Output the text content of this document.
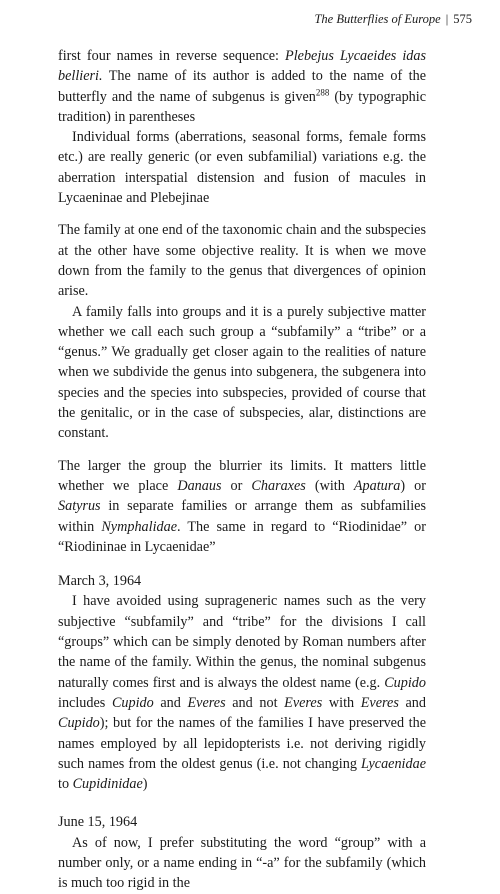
The Butterflies of Europe | 575

first four names in reverse sequence: Plebejus Lycaeides idas bellieri. The name of its author is added to the name of the butterfly and the name of subgenus is given$^{288}$ (by typographic tradition) in parentheses

Individual forms (aberrations, seasonal forms, female forms etc.) are really generic (or even subfamilial) variations e.g. the aberration interspatial distension and fusion of macules in Lycaeninae and Plebejinae

The family at one end of the taxonomic chain and the subspecies at the other have some objective reality. It is when we move down from the family to the genus that divergences of opinion arise.

A family falls into groups and it is a purely subjective matter whether we call each such group a “subfamily” a “tribe” or a “genus.” We gradually get closer again to the realities of nature when we subdivide the genus into subgenera, the subgenera into species and the species into subspecies, provided of course that the genitalic, or in the case of subspecies, alar, distinctions are constant.

The larger the group the blurrier its limits. It matters little whether we place Danaus or Charaxes (with Apatura) or Satyrus in separate families or arrange them as subfamilies within Nymphalidae. The same in regard to “Riodinidae” or “Riodininae in Lycaenidae”

March 3, 1964

I have avoided using suprageneric names such as the very subjective “subfamily” and “tribe” for the divisions I call “groups” which can be simply denoted by Roman numbers after the name of the family. Within the genus, the nominal subgenus naturally comes first and is always the oldest name (e.g. Cupido includes Cupido and Everes and not Everes with Everes and Cupido); but for the names of the families I have preserved the names employed by all lepidopterists i.e. not deriving rigidly such names from the oldest genus (i.e. not changing Lycaenidae to Cupidinidae)

June 15, 1964

As of now, I prefer substituting the word “group” with a number only, or a name ending in “-a” for the subfamily (which is much too rigid in the
